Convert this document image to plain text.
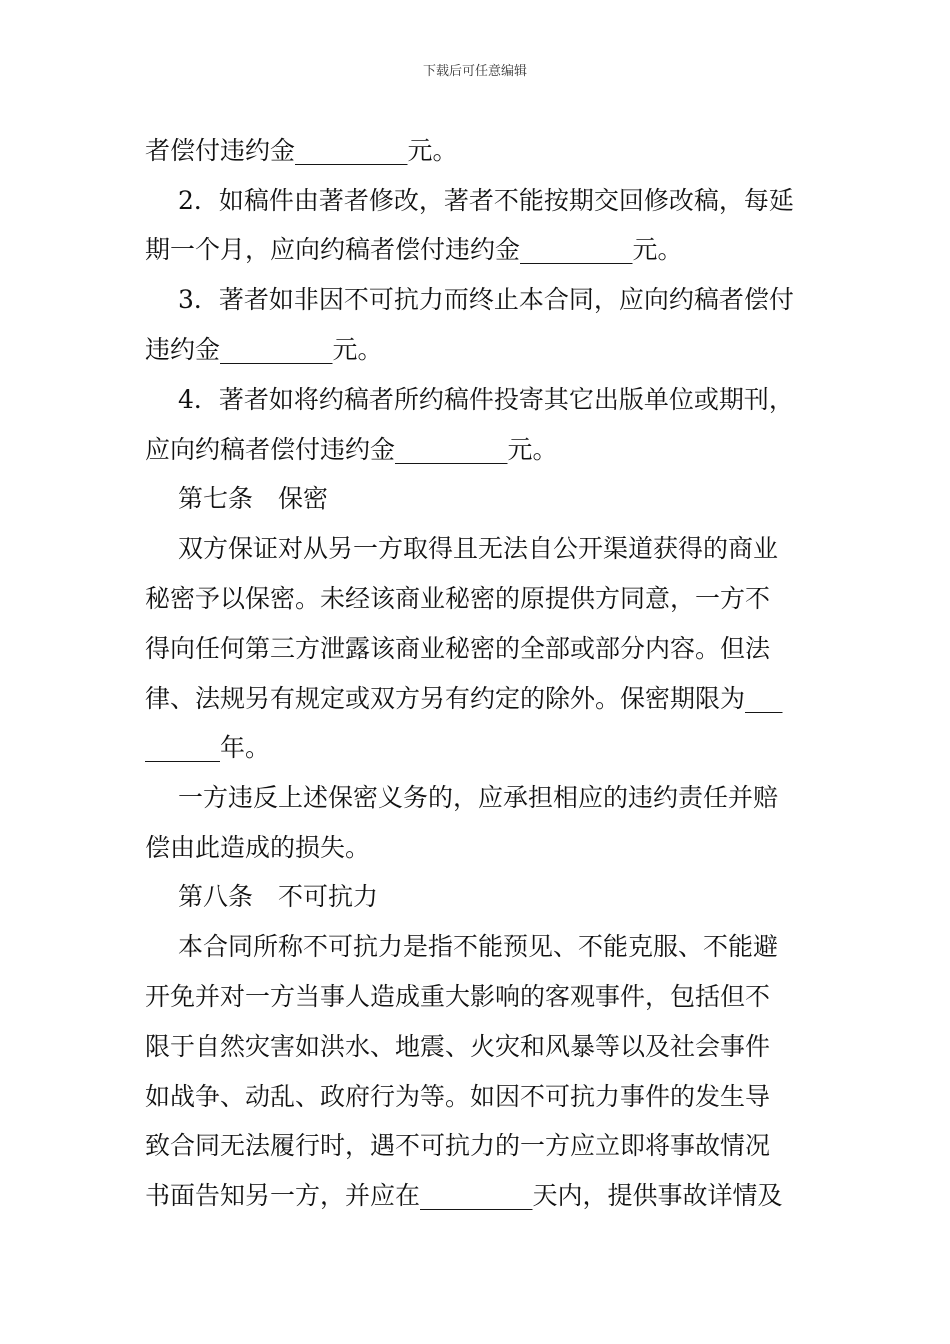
下载后可任意编辑
者偿付违约金_________元。
2．如稿件由著者修改，著者不能按期交回修改稿，每延
期一个月，应向约稿者偿付违约金_________元。
3．著者如非因不可抗力而终止本合同，应向约稿者偿付
违约金_________元。
4．著者如将约稿者所约稿件投寄其它出版单位或期刊，
应向约稿者偿付违约金_________元。
第七条　保密
双方保证对从另一方取得且无法自公开渠道获得的商业
秘密予以保密。未经该商业秘密的原提供方同意，一方不
得向任何第三方泄露该商业秘密的全部或部分内容。但法
律、法规另有规定或双方另有约定的除外。保密期限为___
______年。
一方违反上述保密义务的，应承担相应的违约责任并赔
偿由此造成的损失。
第八条　不可抗力
本合同所称不可抗力是指不能预见、不能克服、不能避
开免并对一方当事人造成重大影响的客观事件，包括但不
限于自然灾害如洪水、地震、火灾和风暴等以及社会事件
如战争、动乱、政府行为等。如因不可抗力事件的发生导
致合同无法履行时，遇不可抗力的一方应立即将事故情况
书面告知另一方，并应在_________天内，提供事故详情及
